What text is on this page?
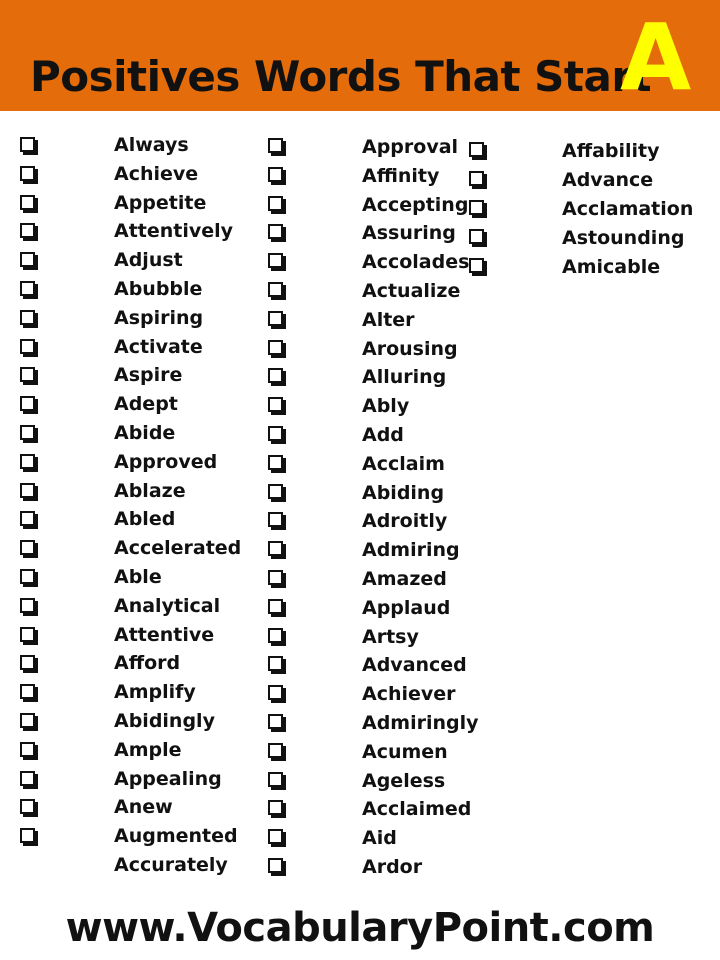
Positives Words That Start
A
Always
Achieve
Appetite
Attentively
Adjust
Abubble
Aspiring
Activate
Aspire
Adept
Abide
Approved
Ablaze
Abled
Accelerated
Able
Analytical
Attentive
Afford
Amplify
Abidingly
Ample
Appealing
Anew
Augmented
Accurately
Approval
Affinity
Accepting
Assuring
Accolades
Actualize
Alter
Arousing
Alluring
Ably
Add
Acclaim
Abiding
Adroitly
Admiring
Amazed
Applaud
Artsy
Advanced
Achiever
Admiringly
Acumen
Ageless
Acclaimed
Aid
Ardor
Affability
Advance
Acclamation
Astounding
Amicable
www.VocabularyPoint.com
